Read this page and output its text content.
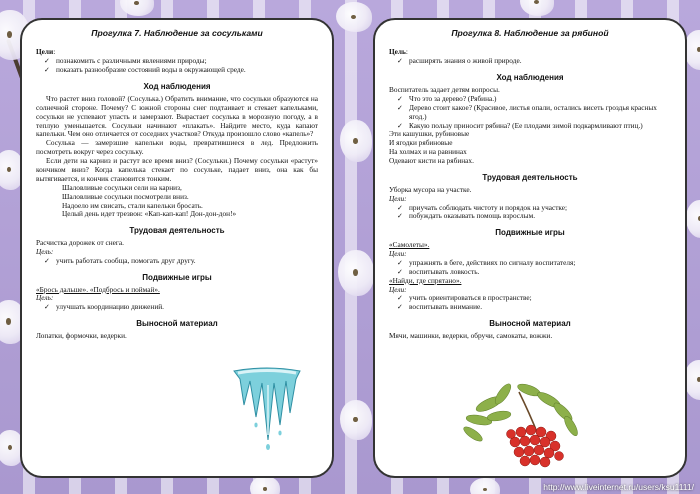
Прогулка 7. Наблюдение за сосульками

Цели:

✓ познакомить с различными явлениями природы;
✓ показать разнообразие состояний воды в окружающей среде.
Ход наблюдения

Что растет вниз головой? (Сосулька.) Обратить внимание, что сосульки образуются на солнечной стороне. Почему? С южной стороны снег подтаивает и стекает капельками, сосульки не успевают упасть и замерзают. Вырастает сосулька в морозную погоду, а в теплую уменьшается. Сосульки начинают «плакать». Найдите место, куда капают капельки. Чем оно отличается от соседних участков? Откуда произошло слово «капель»?

Сосулька — замерзшие капельки воды, превратившиеся в лед. Предложить посмотреть вокруг через сосульку.

Если дети на карниз и растут все время вниз? (Сосульки.) Почему сосульки «растут» кончиком вниз? Когда капелька стекает по сосульке, падает вниз, она как бы вытягивается, и кончик становится тонким.

Шаловливые сосульки сели на карниз,

Шаловливые сосульки посмотрели вниз.

Надоело им свисать, стали капельки бросать.

Целый день идет трезвон: «Кап-кап-кап! Дон-дон-дон!»

Трудовая деятельность

Расчистка дорожек от снега.

Цель:

✓ учить работать сообща, помогать друг другу.
Подвижные игры

«Брось дальше». «Подбрось и поймай».

Цель:

✓ улучшать координацию движений.
Выносной материал

Лопатки, формочки, ведерки.

Прогулка 8. Наблюдение за рябиной

Цель:

✓ расширять знания о живой природе.
Ход наблюдения

Воспитатель задает детям вопросы.

✓ Что это за дерево? (Рябина.)
✓ Дерево стоит какое? (Красивое, листья опали, остались висеть гроздья красных ягод.)
✓ Какую пользу приносит рябина? (Ее плодами зимой подкармливают птиц.)

Эти кашушки, рубиновые

И ягодки рябиновые

На холмах и на равнинах

Одевают кисти на рябинах.

Трудовая деятельность

Уборка мусора на участке.

Цели:

✓ приучать соблюдать чистоту и порядок на участке;
✓ побуждать оказывать помощь взрослым.
Подвижные игры

«Самолеты».

Цели:

✓ упражнять в беге, действиях по сигналу воспитателя;
✓ воспитывать ловкость.

«Найди, где спрятано».

Цели:

✓ учить ориентироваться в пространстве;
✓ воспитывать внимание.
Выносной материал

Мячи, машинки, ведерки, обручи, самокаты, вожжи.

http://www.liveinternet.ru/users/ksu1111/
